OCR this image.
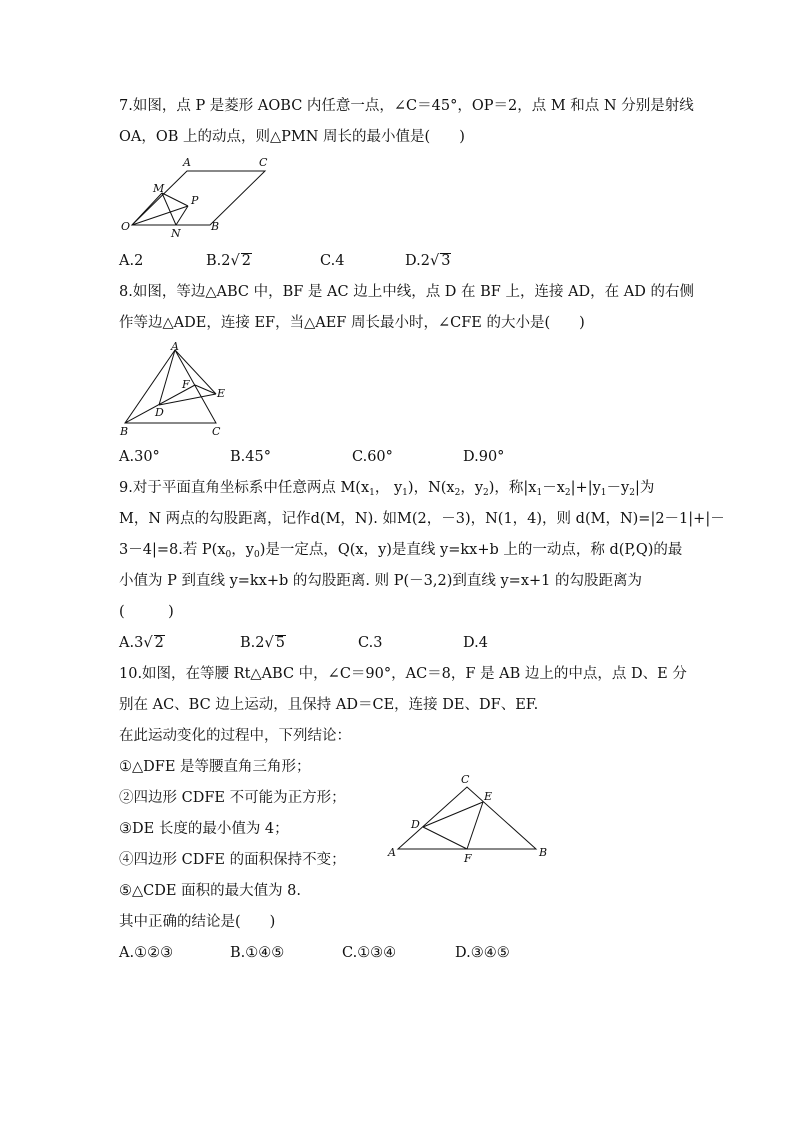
7.如图，点 P 是菱形 AOBC 内任意一点，∠C＝45°，OP＝2，点 M 和点 N 分别是射线
OA，OB 上的动点，则△PMN 周长的最小值是(　　)
A	C
M
P
O
N
B
A.2	B.2√ 2	C.4	D.2√ 3
8.如图，等边△ABC 中，BF 是 AC 边上中线，点 D 在 BF 上，连接 AD，在 AD 的右侧
作等边△ADE，连接 EF，当△AEF 周长最小时，∠CFE 的大小是(　　)
A
F
E
D
B	C
A.30°	B.45°	C.60°	D.90°
9.对于平面直角坐标系中任意两点 $M(x_1$， $y_1$)，$N(x_2$，$y_2$)，称$|x_1-x_2|+|y_1-y_2|$为
M，N 两点的勾股距离，记作d(M，N). 如M(2，－3)，N(1，4)，则 d(M，N)=|2－1|+|－
3－4|=8.若 $P(x_0$，$y_0$)是一定点，Q(x，y)是直线 y=kx+b 上的一动点，称 d(P,Q)的最
小值为 P 到直线 y=kx+b 的勾股距离. 则 P(－3,2)到直线 y=x+1 的勾股距离为
(　　　)
A.3√ 2	B.2√ 5	C.3	D.4
10.如图，在等腰 Rt△ABC 中，∠C＝90°，AC＝8，F 是 AB 边上的中点，点 D、E 分
别在 AC、BC 边上运动，且保持 AD＝CE，连接 DE、DF、EF.
在此运动变化的过程中，下列结论：
①△DFE 是等腰直角三角形；
②四边形 CDFE 不可能为正方形；
③DE 长度的最小值为 4；
④四边形 CDFE 的面积保持不变；
⑤△CDE 面积的最大值为 8.
其中正确的结论是(　　)
C
E
D
A	F	B
A.①②③	B.①④⑤	C.①③④	D.③④⑤
